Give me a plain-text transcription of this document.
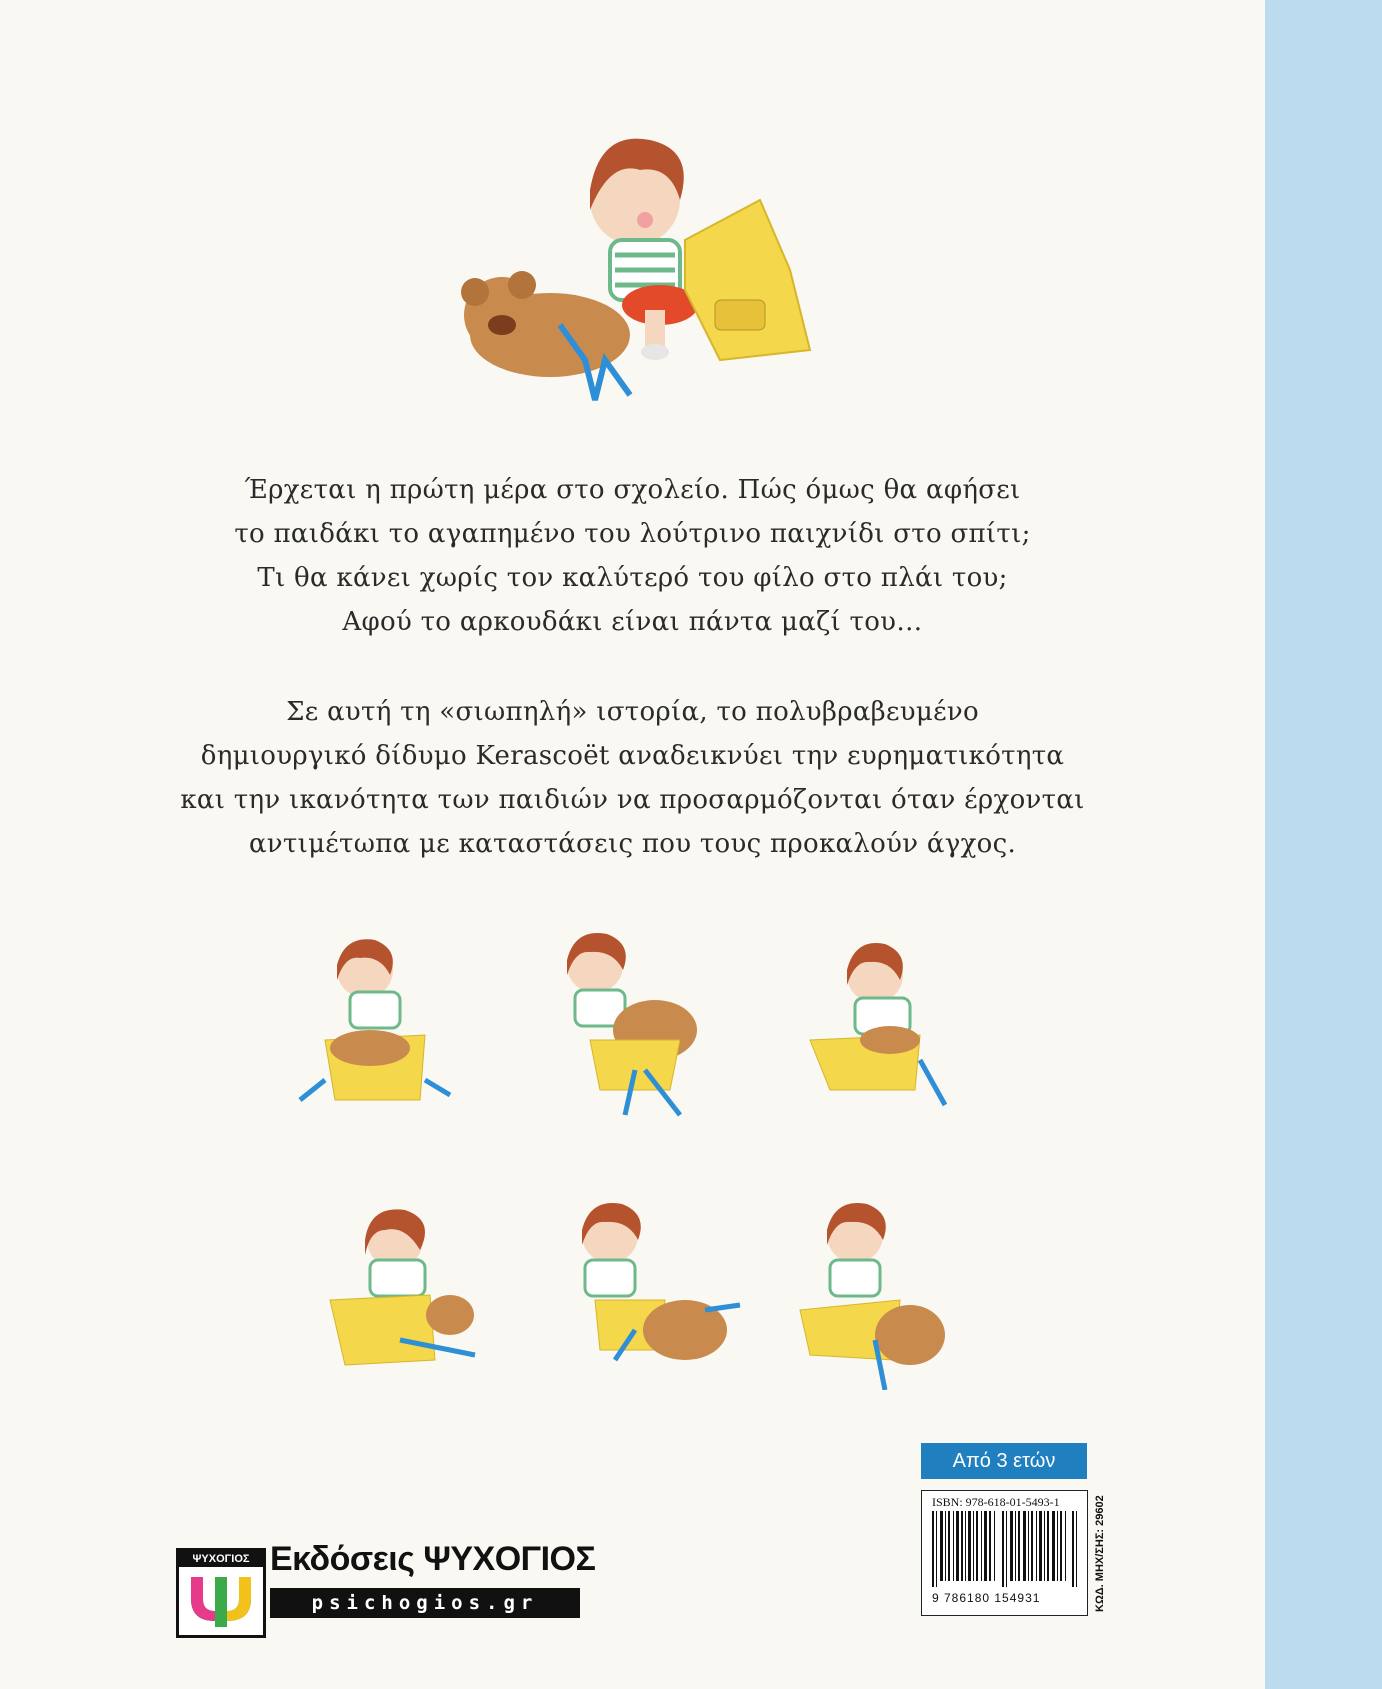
Έρχεται η πρώτη μέρα στο σχολείο. Πώς όμως θα αφήσει

το παιδάκι το αγαπημένο του λούτρινο παιχνίδι στο σπίτι;

Τι θα κάνει χωρίς τον καλύτερό του φίλο στο πλάι του;

Αφού το αρκουδάκι είναι πάντα μαζί του…

Σε αυτή τη «σιωπηλή» ιστορία, το πολυβραβευμένο

δημιουργικό δίδυμο Kerascoët αναδεικνύει την ευρηματικότητα

και την ικανότητα των παιδιών να προσαρμόζονται όταν έρχονται

αντιμέτωπα με καταστάσεις που τους προκαλούν άγχος.

Από 3 ετών
ISBN: 978-618-01-5493-1
9 786180 154931	ΚΩΔ. ΜΗΧ/ΣΗΣ: 29602
ΨΥΧΟΓΙΟΣ Εκδόσεις ΨΥΧΟΓΙΟΣ
psichogios.gr
